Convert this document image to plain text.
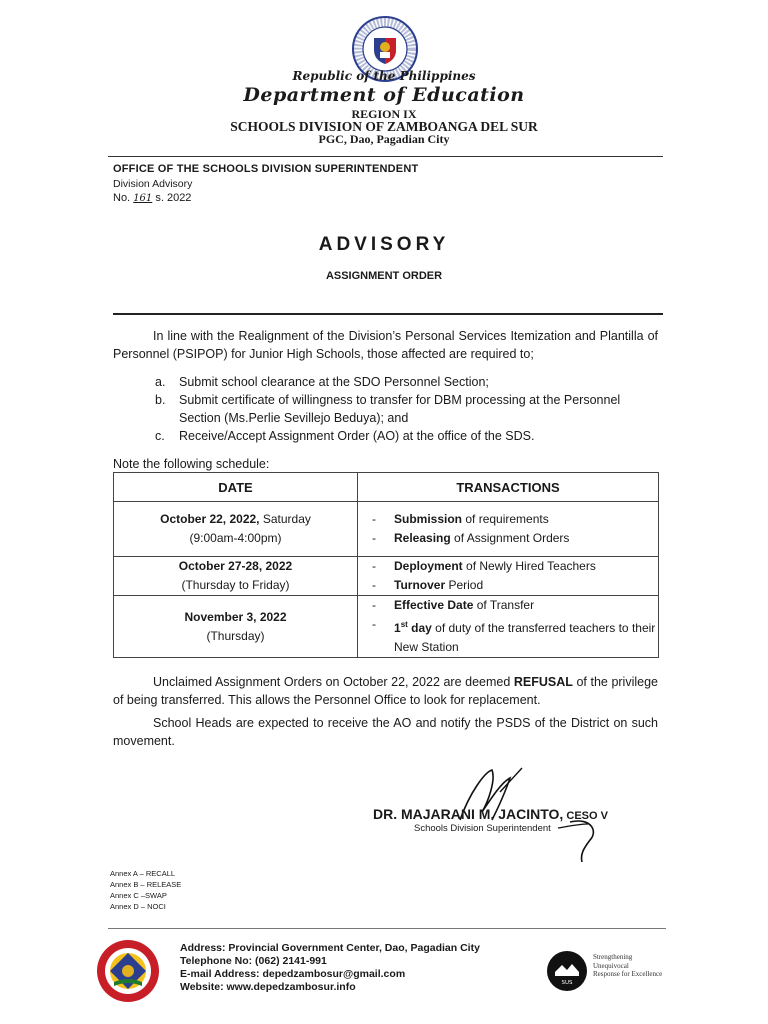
Republic of the Philippines
Department of Education
REGION IX
SCHOOLS DIVISION OF ZAMBOANGA DEL SUR
PGC, Dao, Pagadian City
OFFICE OF THE SCHOOLS DIVISION SUPERINTENDENT
Division Advisory
No. 161 s. 2022
ADVISORY
ASSIGNMENT ORDER
In line with the Realignment of the Division’s Personal Services Itemization and Plantilla of Personnel (PSIPOP) for Junior High Schools, those affected are required to;
a. Submit school clearance at the SDO Personnel Section;
b. Submit certificate of willingness to transfer for DBM processing at the Personnel Section (Ms.Perlie Sevillejo Beduya); and
c. Receive/Accept Assignment Order (AO) at the office of the SDS.
Note the following schedule:
DATE	TRANSACTIONS
October 22, 2022, Saturday
(9:00am-4:00pm)	- Submission of requirements
- Releasing of Assignment Orders

October 27-28, 2022
(Thursday to Friday)	- Deployment of Newly Hired Teachers
- Turnover Period

November 3, 2022
(Thursday)	- Effective Date of Transfer
- 1st day of duty of the transferred teachers to their New Station
Unclaimed Assignment Orders on October 22, 2022 are deemed REFUSAL of the privilege of being transferred. This allows the Personnel Office to look for replacement.
School Heads are expected to receive the AO and notify the PSDS of the District on such movement.
DR. MAJARANI M. JACINTO, CESO V
Schools Division Superintendent
Annex A – RECALL
Annex B – RELEASE
Annex C –SWAP
Annex D – NOCI
Address: Provincial Government Center, Dao, Pagadian City
Telephone No: (062) 2141-991
E-mail Address: depedzambosur@gmail.com
Website: www.depedzambosur.info	SUS
Strengthening
Unequivocal
Response for Excellence
